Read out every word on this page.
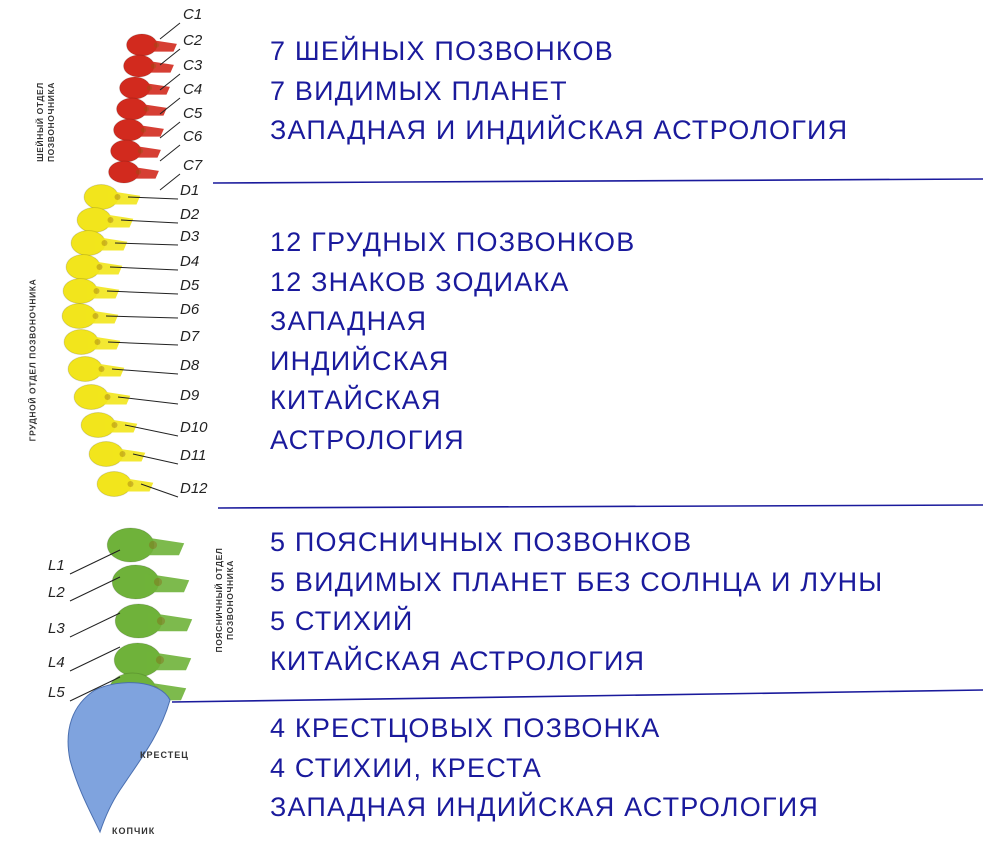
C1
C2
C3
C4
C5
C6
C7
D1
D2
D3
D4
D5
D6
D7
D8
D9
D10
D11
D12
L1
L2
L3
L4
L5
ШЕЙНЫЙ ОТДЕЛ ПОЗВОНОЧНИКА
ГРУДНОЙ ОТДЕЛ ПОЗВОНОЧНИКА
ПОЯСНИЧНЫЙ ОТДЕЛ ПОЗВОНОЧНИКА
КРЕСТЕЦ
КОПЧИК
7 ШЕЙНЫХ ПОЗВОНКОВ
7 ВИДИМЫХ ПЛАНЕТ
ЗАПАДНАЯ И ИНДИЙСКАЯ АСТРОЛОГИЯ
12 ГРУДНЫХ ПОЗВОНКОВ
12 ЗНАКОВ ЗОДИАКА
ЗАПАДНАЯ
ИНДИЙСКАЯ
КИТАЙСКАЯ
АСТРОЛОГИЯ
5 ПОЯСНИЧНЫХ ПОЗВОНКОВ
5 ВИДИМЫХ ПЛАНЕТ БЕЗ СОЛНЦА И ЛУНЫ
5 СТИХИЙ
КИТАЙСКАЯ АСТРОЛОГИЯ
4 КРЕСТЦОВЫХ ПОЗВОНКА
4 СТИХИИ, КРЕСТА
ЗАПАДНАЯ ИНДИЙСКАЯ АСТРОЛОГИЯ
